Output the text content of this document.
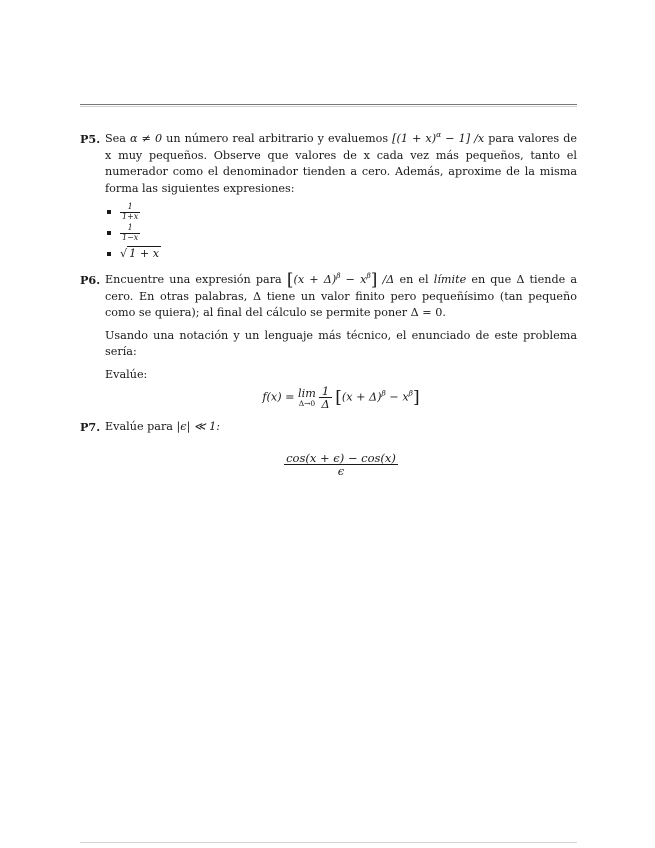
P5. Sea α ≠ 0 un número real arbitrario y evaluemos $[(1 + x)^\alpha - 1]$ /x para valores de x muy pequeños. Observe que valores de x cada vez más pequeños, tanto el numerador como el denominador tienden a cero. Además, aproxime de la misma forma las siguientes expresiones:

$\frac{1}{1+x}$
$\frac{1}{1-x}$
√ 1 + x
P6. Encuentre una expresión para $[(x + \Delta)^\beta - x^\beta]$ /Δ en el límite en que Δ tiende a cero. En otras palabras, Δ tiene un valor finito pero pequeñísimo (tan pequeño como se quiera); al final del cálculo se permite poner Δ = 0.

Usando una notación y un lenguaje más técnico, el enunciado de este problema sería:

Evalúe:

f(x) = lim
Δ→0
$\frac{1}{\Delta} [(x + \Delta)^\beta - x^\beta]$
P7. Evalúe para |ϵ| ≪ 1:

$\frac{\cos(x + \epsilon) - \cos(x)}{\epsilon}$
